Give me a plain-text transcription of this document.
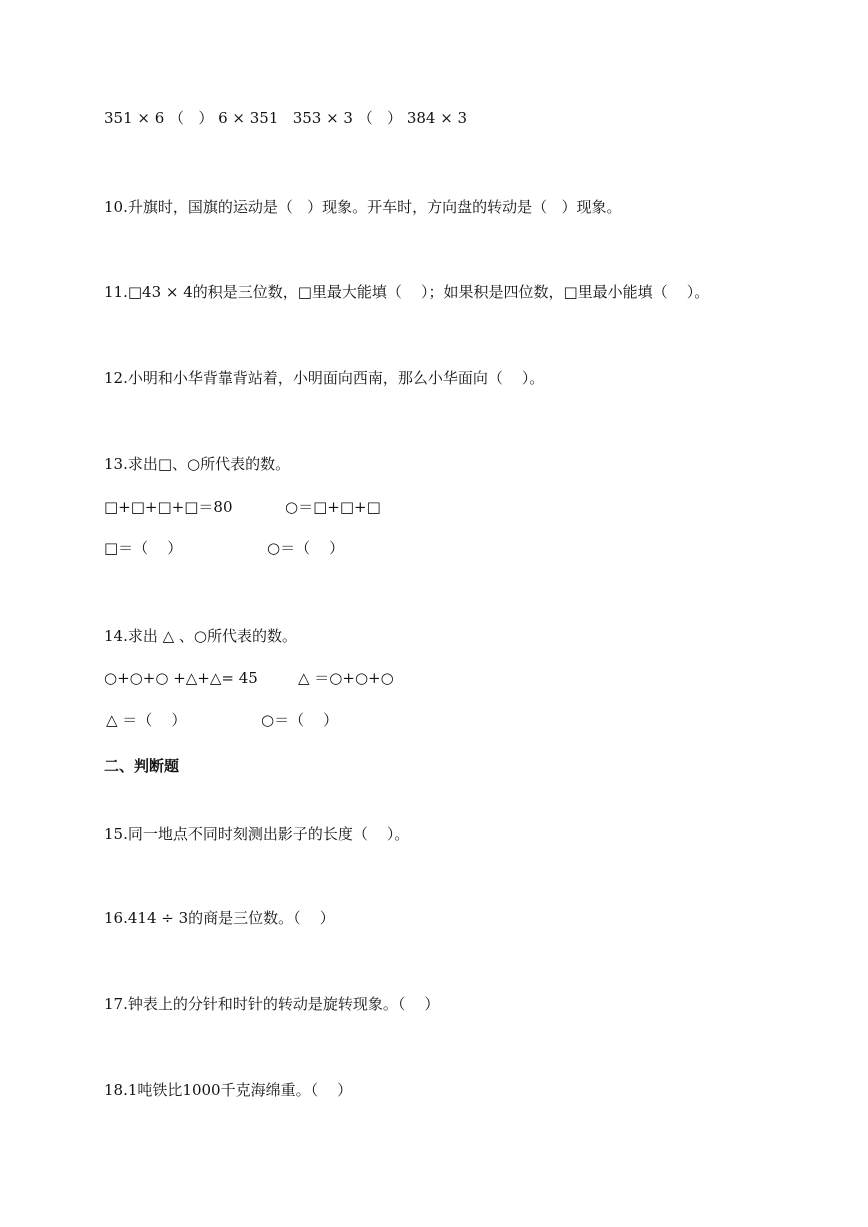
351 × 6 （   ） 6 × 351   353 × 3 （   ） 384 × 3
10.升旗时，国旗的运动是（   ）现象。开车时，方向盘的转动是（   ）现象。
11.□43 × 4的积是三位数，□里最大能填（    ）；如果积是四位数，□里最小能填（    ）。
12.小明和小华背靠背站着，小明面向西南，那么小华面向（    ）。
13.求出□、○所代表的数。
□+□+□+□＝80	○＝□+□+□
□＝（    ）	○＝（    ）
14.求出 △ 、○所代表的数。
○+○+○ +△+△= 45	△ ＝○+○+○
△ ＝（    ）	○＝（    ）
二、判断题
15.同一地点不同时刻测出影子的长度（    ）。
16.414 ÷ 3的商是三位数。（    ）
17.钟表上的分针和时针的转动是旋转现象。（    ）
18.1吨铁比1000千克海绵重。（    ）
